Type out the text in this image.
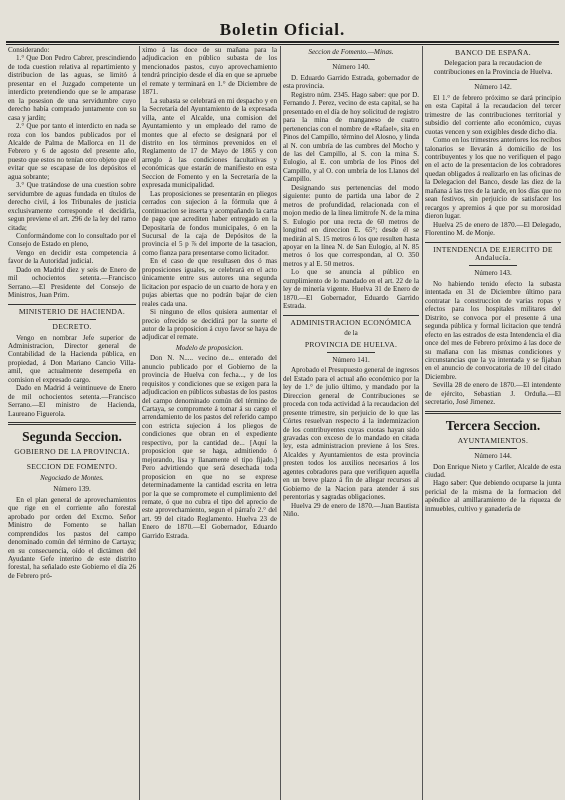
Boletin Oficial.

Considerando:

1.° Que Don Pedro Cabrer, prescindiendo de toda cuestion relativa al repartimiento y distribucion de las aguas, se limitó á presentar en el Juzgado competente un interdicto pretendiendo que se le amparase en la posesion de una servidumbre cuyo derecho había comprado juntamente con su casa y jardín;

2.° Que por tanto el interdicto en nada se roza con los bandos publicados por el Alcalde de Palma de Mallorca en 11 de Febrero y 6 de agosto del presente año, puesto que estos no tenían otro objeto que el evitar que se escapase de los depósitos el agua sobrante;

3.° Que tratándose de una cuestion sobre servidumbre de aguas fundada en títulos de derecho civil, á los Tribunales de justicia exclusivamente corresponde el decidirla, segun previene el art. 296 de la ley del ramo citada;

Conformándome con lo consultado por el Consejo de Estado en pleno,

Vengo en decidir esta competencia á favor de la Autoridad judicial.

Dado en Madrid diez y seis de Enero de mil ochocientos setenta.—Francisco Serrano.—El Presidente del Consejo de Ministros, Juan Prim.

MINISTERIO DE HACIENDA.
DECRETO.

Vengo en nombrar Jefe superior de Administracion, Director general de Contabilidad de la Hacienda pública, en propiedad, á Don Mariano Cancio Villa-amil, que actualmente desempeña en comision el expresado cargo.

Dado en Madrid á veintinueve de Enero de mil ochocientos setenta.—Francisco Serrano.—El ministro de Hacienda, Laureano Figuerola.

Segunda Seccion.
GOBIERNO DE LA PROVINCIA.
SECCION DE FOMENTO.
Negociado de Montes.
Número 139.

En el plan general de aprovechamientos que rige en el corriente año forestal aprobado por orden del Excmo. Señor Ministro de Fomento se hallan comprendidos los pastos del campo denominado común del término de Cartaya; en su consecuencia, oído el dictámen del Ayudante Gefe interino de este distrito forestal, ha señalado este Gobierno el día 26 de Febrero pró-

ximo á las doce de su mañana para la adjudicacion en público subasta de los mencionados pastos, cuyo aprovechamiento tendrá principio desde el día en que se apruebe el remate y terminará en 1.° de Diciembre de 1871.

La subasta se celebrará en mi despacho y en la Secretaría del Ayuntamiento de la expresada villa, ante el Alcalde, una comision del Ayuntamiento y un empleado del ramo de montes que al efecto se designará por el distrito en los términos prevenidos en el Reglamento de 17 de Mayo de 1865 y con arreglo á las condiciones facultativas y económicas que estarán de manifiesto en esta Seccion de Fomento y en la Secretaría de la expresada municipalidad.

Las proposiciones se presentarán en pliegos cerrados con sujecion á la fórmula que á continuacion se inserta y acompañando la carta de pago que acrediten haber entregado en la Depositaría de fondos municipales, ó en la Sucursal de la caja de Depósitos de la provincia el 5 p ⅞ del importe de la tasacion, como fianza para presentarse como licitador.

En el caso de que resultasen dos ó mas proposiciones iguales, se celebrará en el acto únicamente entre sus autores una segunda licitacion por espacio de un cuarto de hora y en pujas abiertas que no podrán bajar de cien reales cada una.

Si ninguno de ellos quisiera aumentar el precio ofrecido se decidirá por la suerte el autor de la proposicion á cuyo favor se haya de adjudicar el remate.

Modelo de proposicion.

Don N. N..... vecino de... enterado del anuncio publicado por el Gobierno de la provincia de Huelva con fecha..., y de los requisitos y condiciones que se exigen para la adjudicacion en públicos subastas de los pastos del campo denominado común del término de Cartaya, se compromete á tomar á su cargo el arrendamiento de los pastos del referido campo con estricta sujecion á los pliegos de condiciones que obran en el expediente respectivo, por la cantidad de... [Aquí la proposicion que se haga, admitiendo ó mejorando, lisa y llanamente el tipo fijado.] Pero advirtiendo que será desechada toda proposicion en que no se exprese determinadamente la cantidad escrita en letra por la que se compromete el cumplimiento del remate, ó que no cubra el tipo del aprecio de este aprovechamiento, segun el párrafo 2.° del art. 99 del citado Reglamento. Huelva 23 de Enero de 1870.—El Gobernador, Eduardo Garrido Estrada.

Seccion de Fomento.—Minas.
Número 140.

D. Eduardo Garrido Estrada, gobernador de esta provincia.

Registro núm. 2345. Hago saber: que por D. Fernando J. Perez, vecino de esta capital, se ha presentado en el día de hoy solicitud de registro para la mina de manganeso de cuatro pertenencias con el nombre de «Rafael», sita en Pinos del Campillo, término del Alosno, y linda al N. con umbría de las cumbres del Mocho y de las del Campillo, al S. con la mina S. Eulogio, al E. con umbría de los Pinos del Campillo, y al O. con umbría de los Llanos del Campillo.

Designando sus pertenencias del modo siguiente: punto de partida una labor de 2 metros de profundidad, relacionada con el mojon medio de la línea limítrofe N. de la mina S. Eulogio por una recta de 60 metros de longitud en direccion E. 65°; desde él se medirán al S. 15 metros ó los que resulten hasta apoyar en la línea N. de San Eulogio, al N. 85 metros ó los que correspondan, al O. 350 metros y al E. 50 metros.

Lo que se anuncia al público en cumplimiento de lo mandado en el art. 22 de la ley de minería vigente. Huelva 31 de Enero de 1870.—El Gobernador, Eduardo Garrido Estrada.

ADMINISTRACION ECONÓMICA
de la
PROVINCIA DE HUELVA.
Número 141.

Aprobado el Presupuesto general de ingresos del Estado para el actual año económico por la ley de 1.° de julio último, y mandado por la Direccion general de Contribuciones se proceda con toda actividad á la recaudacion del presente trimestre, sin perjuicio de lo que las Córtes resuelvan respecto á la indemnizacion de los contribuyentes cuyas cuotas hayan sido gravadas con exceso de lo mandado en citada ley, esta administracion previene á los Sres. Alcaldes y Ayuntamientos de esta provincia presten todos los auxilios necesarios á los agentes cobradores para que verifiquen aquella en un breve plazo á fin de allegar recursos al Gobierno de la Nacion para atender á sus perentorias y sagradas obligaciones.

Huelva 29 de enero de 1870.—Juan Bautista Niño.

BANCO DE ESPAÑA.
Delegacion para la recaudacion de contribuciones en la Provincia de Huelva.
Número 142.

El 1.° de febrero próximo se dará principio en esta Capital á la recaudacion del tercer trimestre de las contribuciones territorial y subsidio del corriente año económico, cuyas cuotas vencen y son exigibles desde dicho día.

Como en los trimestres anteriores los recibos talonarios se llevarán á domicilio de los contribuyentes y los que no verifiquen el pago en el acto de la presentacion de los cobradores quedan obligados á realizarlo en las oficinas de la Delegacion del Banco, desde las diez de la mañana á las tres de la tarde, en los días que no sean festivos, sin perjuicio de satisfacer los recargos y apremios á que por su morosidad dieron lugar.

Huelva 25 de enero de 1870.—El Delegado, Florentino M. de Monje.

INTENDENCIA DE EJERCITO DE Andalucía.
Número 143.

No habiendo tenido efecto la subasta intentada en 31 de Diciembre último para contratar la construccion de varias ropas y efectos para los hospitales militares del Distrito, se convoca por el presente á una segunda pública y formal licitacion que tendrá efecto en las estrados de esta Intendencia el dia once del mes de Febrero próximo á las doce de su mañana con las mismas condiciones y circunstancias que la ya intentada y se fijaban en el anuncio de convocatoria de 10 del citado Diciembre.

Sevilla 28 de enero de 1870.—El intendente de ejército, Sebastian J. Orduña.—El secretario, José Jimenez.

Tercera Seccion.
AYUNTAMIENTOS.
Número 144.

Don Enrique Nieto y Carller, Alcalde de esta ciudad.

Hago saber: Que debiendo ocuparse la junta pericial de la misma de la formacion del apéndice al amillaramiento de la riqueza de inmuebles, cultivo y ganadería de
